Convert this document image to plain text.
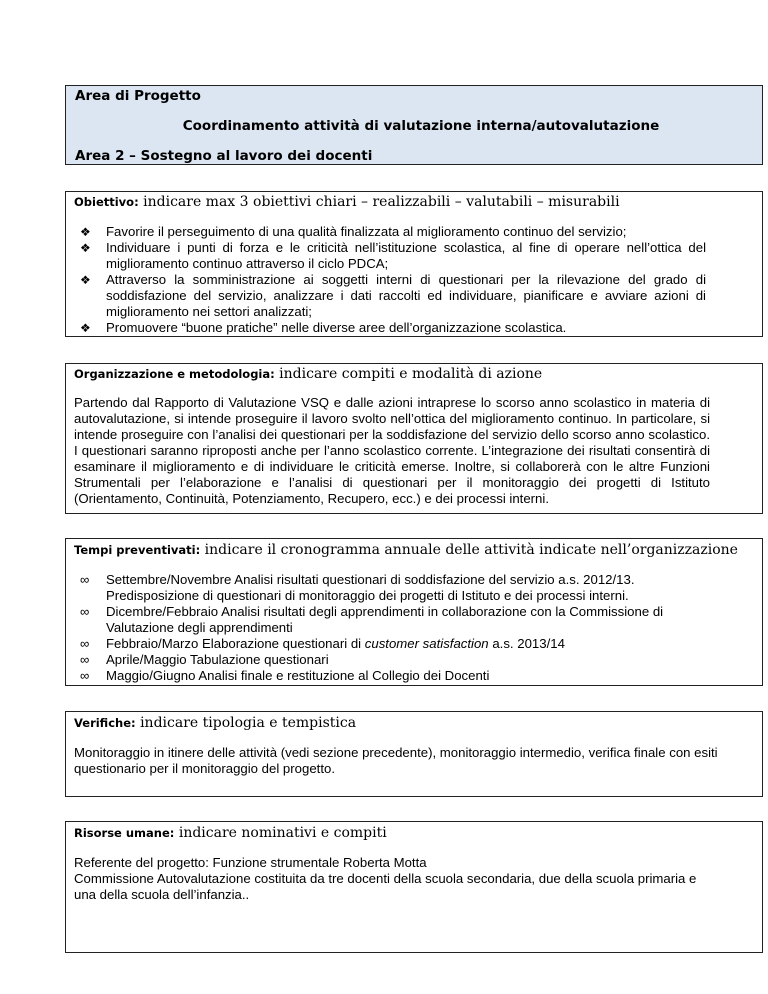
Area di Progetto
Coordinamento attività di valutazione interna/autovalutazione
Area 2 – Sostegno al lavoro dei docenti
Obiettivo: indicare max 3 obiettivi chiari – realizzabili – valutabili – misurabili
❖ Favorire il perseguimento di una qualità finalizzata al miglioramento continuo del servizio;
❖ Individuare i punti di forza e le criticità nell’istituzione scolastica, al fine di operare nell’ottica del miglioramento continuo attraverso il ciclo PDCA;
❖ Attraverso la somministrazione ai soggetti interni di questionari per la rilevazione del grado di soddisfazione del servizio, analizzare i dati raccolti ed individuare, pianificare e avviare azioni di miglioramento nei settori analizzati;
❖ Promuovere “buone pratiche” nelle diverse aree dell’organizzazione scolastica.
Organizzazione e metodologia: indicare compiti e modalità di azione
Partendo dal Rapporto di Valutazione VSQ e dalle azioni intraprese lo scorso anno scolastico in materia di autovalutazione, si intende proseguire il lavoro svolto nell’ottica del miglioramento continuo. In particolare, si intende proseguire con l’analisi dei questionari per la soddisfazione del servizio dello scorso anno scolastico. I questionari saranno riproposti anche per l’anno scolastico corrente. L’integrazione dei risultati consentirà di esaminare il miglioramento e di individuare le criticità emerse. Inoltre, si collaborerà con le altre Funzioni Strumentali per l’elaborazione e l’analisi di questionari per il monitoraggio dei progetti di Istituto (Orientamento, Continuità, Potenziamento, Recupero, ecc.) e dei processi interni.
Tempi preventivati: indicare il cronogramma annuale delle attività indicate nell’organizzazione
∞ Settembre/Novembre Analisi risultati questionari di soddisfazione del servizio a.s. 2012/13. Predisposizione di questionari di monitoraggio dei progetti di Istituto e dei processi interni.
∞ Dicembre/Febbraio Analisi risultati degli apprendimenti in collaborazione con la Commissione di Valutazione degli apprendimenti
∞ Febbraio/Marzo Elaborazione questionari di customer satisfaction a.s. 2013/14
∞ Aprile/Maggio Tabulazione questionari
∞ Maggio/Giugno Analisi finale e restituzione al Collegio dei Docenti
Verifiche: indicare tipologia e tempistica
Monitoraggio in itinere delle attività (vedi sezione precedente), monitoraggio intermedio, verifica finale con esiti questionario per il monitoraggio del progetto.
Risorse umane: indicare nominativi e compiti
Referente del progetto: Funzione strumentale Roberta Motta
Commissione Autovalutazione costituita da tre docenti della scuola secondaria, due della scuola primaria e una della scuola dell’infanzia..
